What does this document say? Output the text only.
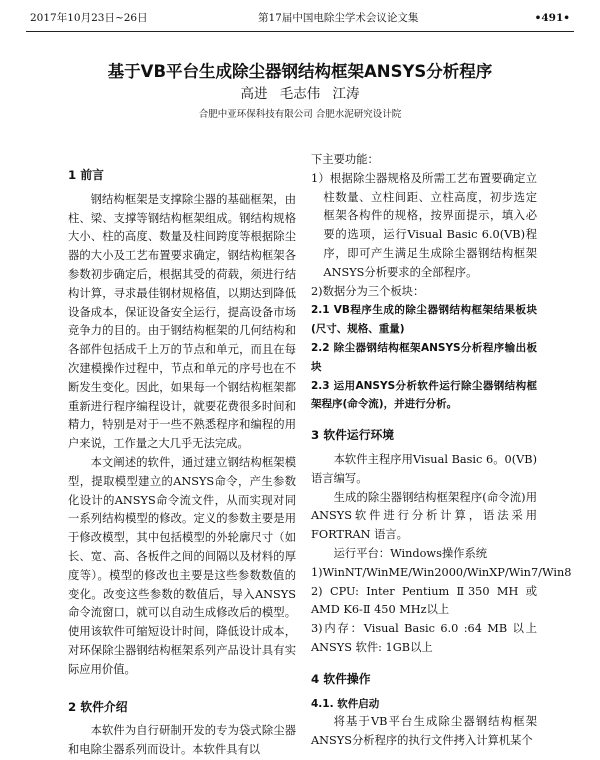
2017年10月23日~26日	第17届中国电除尘学术会议论文集	•491•
基于VB平台生成除尘器钢结构框架ANSYS分析程序
高进 毛志伟 江涛
合肥中亚环保科技有限公司 合肥水泥研究设计院
1 前言

钢结构框架是支撑除尘器的基础框架，由柱、梁、支撑等钢结构框架组成。钢结构规格大小、柱的高度、数量及柱间跨度等根据除尘器的大小及工艺布置要求确定，钢结构框架各参数初步确定后，根据其受的荷载，须进行结构计算，寻求最佳钢材规格值，以期达到降低设备成本，保证设备安全运行，提高设备市场竞争力的目的。由于钢结构框架的几何结构和各部件包括成千上万的节点和单元，而且在每次建模操作过程中，节点和单元的序号也在不断发生变化。因此，如果每一个钢结构框架都重新进行程序编程设计，就要花费很多时间和精力，特别是对于一些不熟悉程序和编程的用户来说，工作量之大几乎无法完成。

本文阐述的软件，通过建立钢结构框架模型，提取模型建立的ANSYS命令，产生参数化设计的ANSYS命令流文件，从而实现对同一系列结构模型的修改。定义的参数主要是用于修改模型，其中包括模型的外轮廓尺寸（如长、宽、高、各板件之间的间隔以及材料的厚度等）。模型的修改也主要是这些参数数值的变化。改变这些参数的数值后，导入ANSYS命令流窗口，就可以自动生成修改后的模型。使用该软件可缩短设计时间，降低设计成本，对环保除尘器钢结构框架系列产品设计具有实际应用价值。

2 软件介绍

本软件为自行研制开发的专为袋式除尘器和电除尘器系列而设计。本软件具有以

下主要功能：

1）根据除尘器规格及所需工艺布置要确定立柱数量、立柱间距、立柱高度，初步选定框架各构件的规格，按界面提示，填入必要的选项，运行Visual Basic 6.0(VB)程序，即可产生满足生成除尘器钢结构框架ANSYS分析要求的全部程序。

2)数据分为三个板块：

2.1 VB程序生成的除尘器钢结构框架结果板块(尺寸、规格、重量)

2.2 除尘器钢结构框架ANSYS分析程序输出板块

2.3 运用ANSYS分析软件运行除尘器钢结构框架程序(命令流)，并进行分析。

3 软件运行环境

本软件主程序用Visual Basic 6。0(VB)语言编写。

生成的除尘器钢结构框架程序(命令流)用ANSYS软件进行分析计算，语法采用FORTRAN 语言。

运行平台：Windows操作系统

1)WinNT/WinME/Win2000/WinXP/Win7/Win8

2) CPU: Inter Pentium Ⅱ350 MH 或 AMD K6-Ⅱ 450 MHz以上

3)内存：Visual Basic 6.0 :64 MB 以上 ANSYS 软件: 1GB以上

4 软件操作

4.1. 软件启动

将基于VB平台生成除尘器钢结构框架ANSYS分析程序的执行文件拷入计算机某个
